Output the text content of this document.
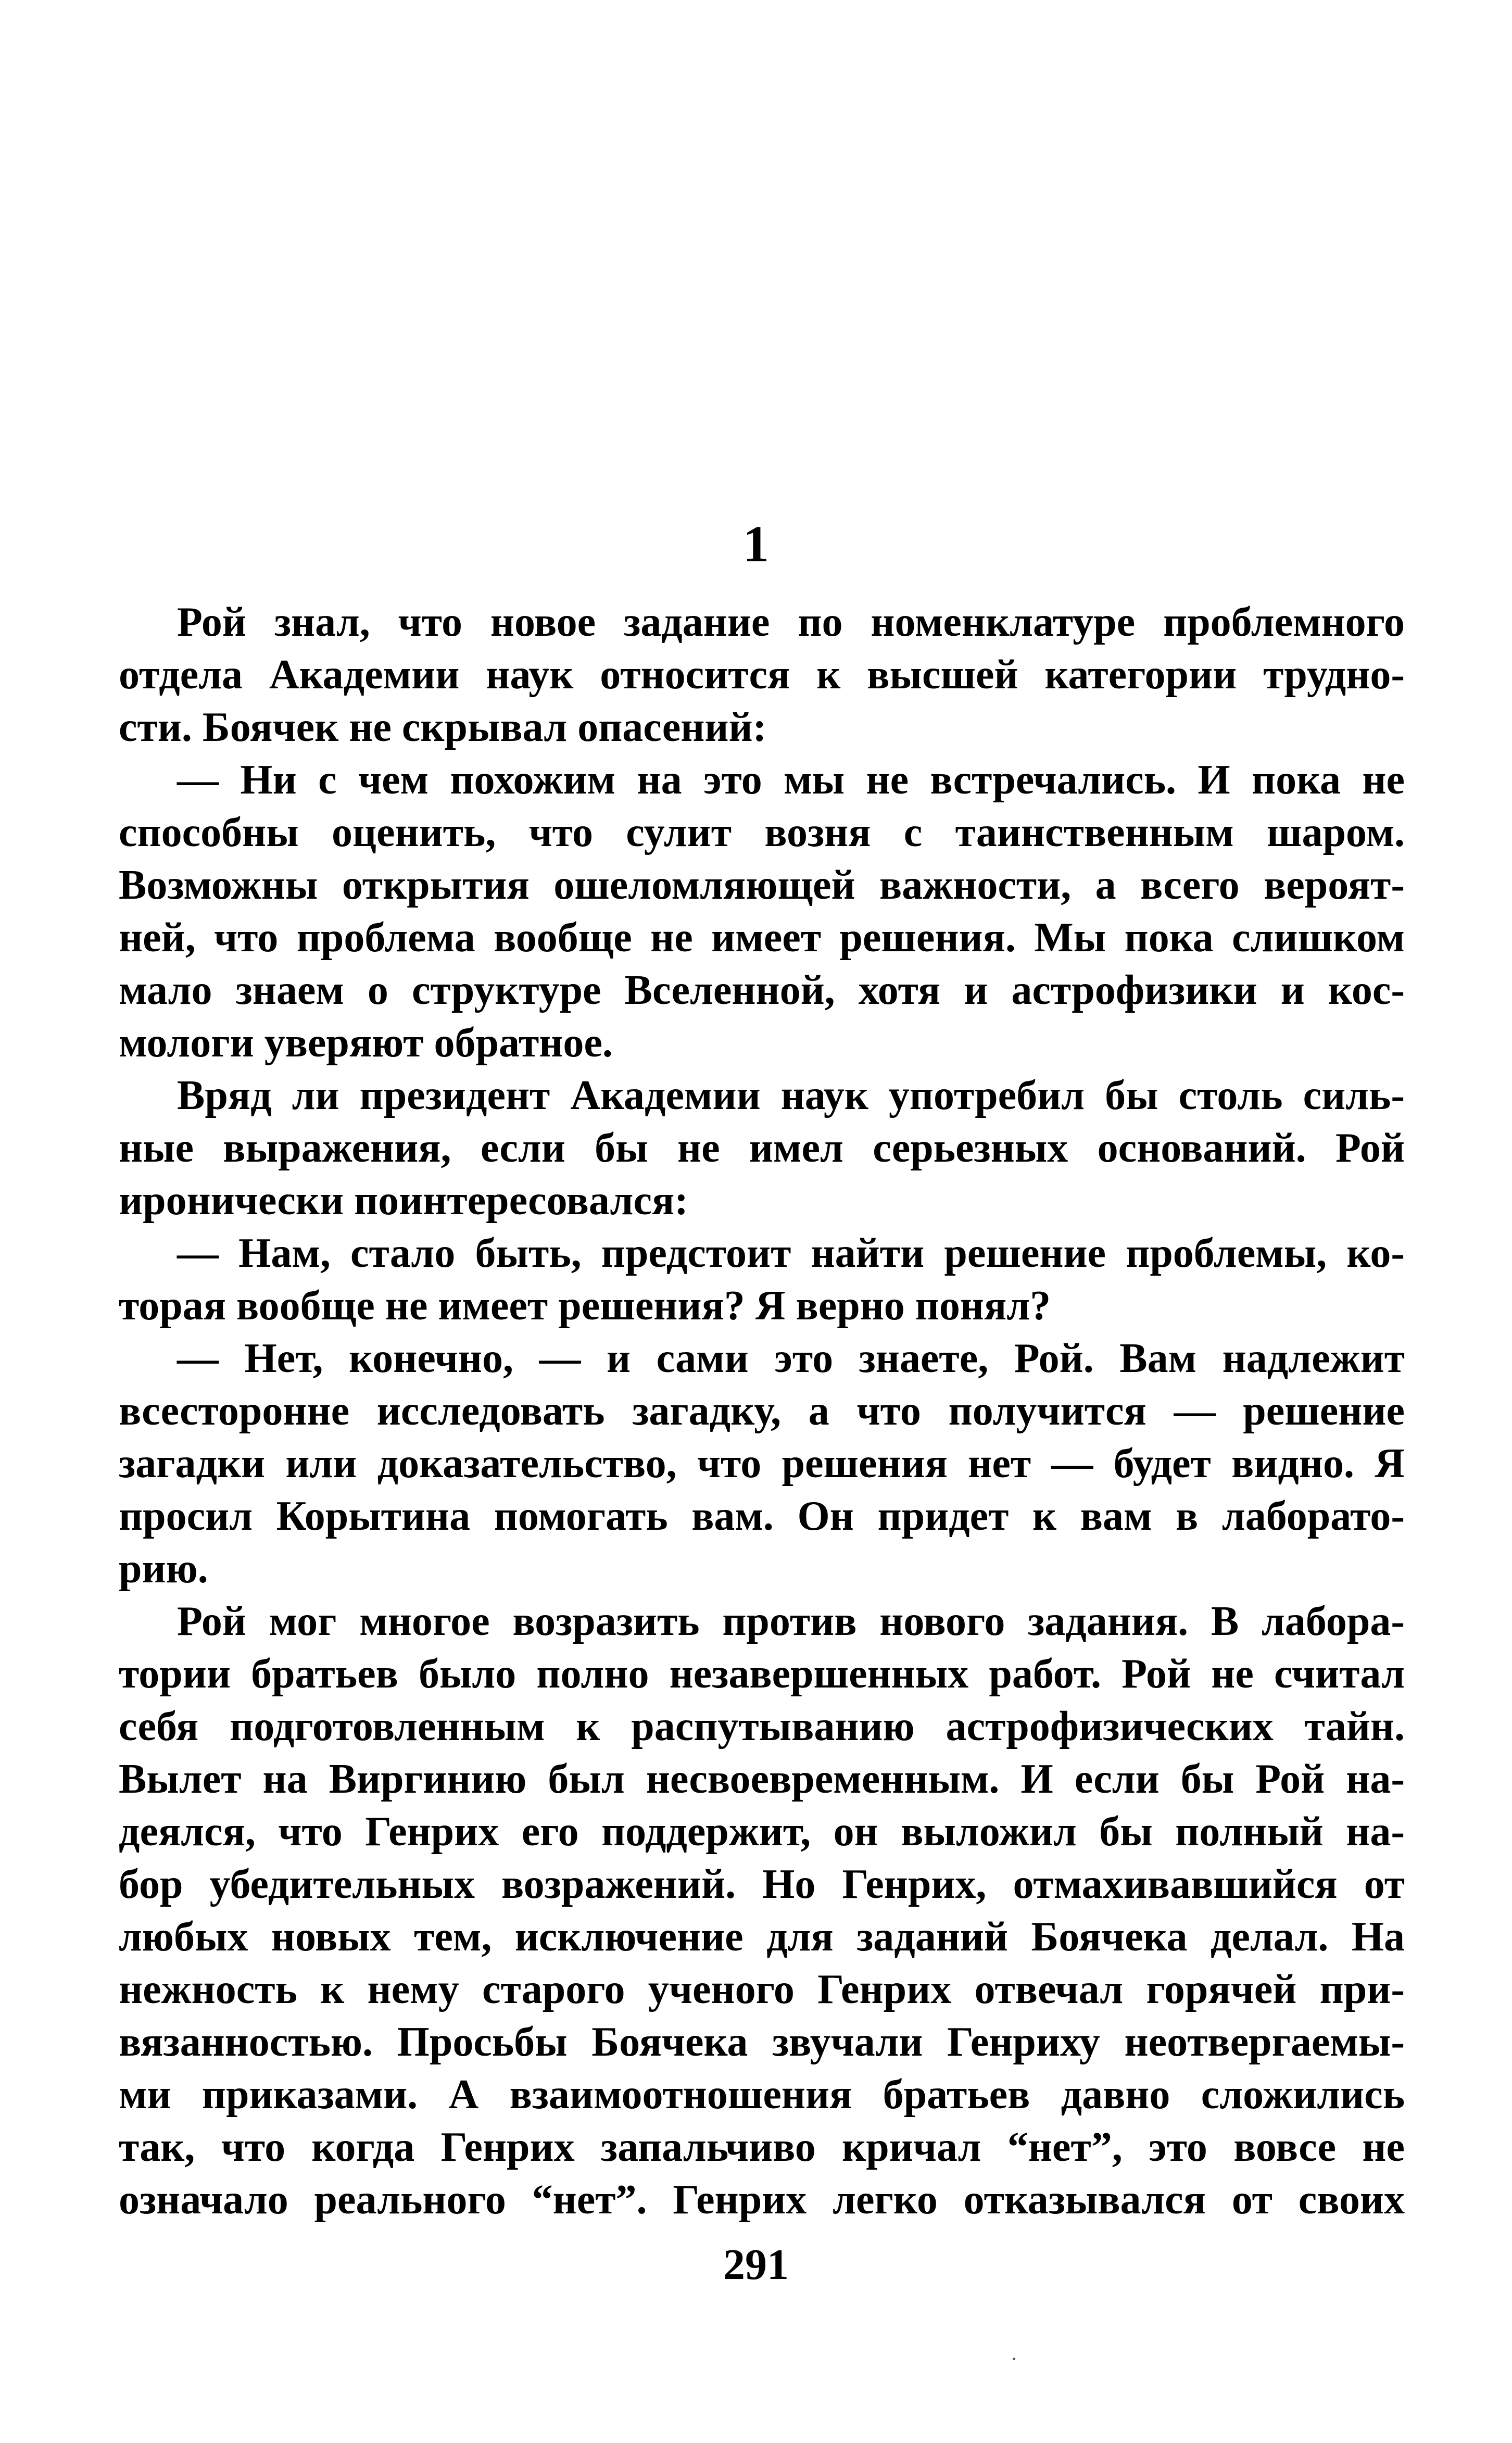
1
Рой знал, что новое задание по номенклатуре проблемного
отдела Академии наук относится к высшей категории трудно-
сти. Боячек не скрывал опасений:
— Ни с чем похожим на это мы не встречались. И пока не
способны оценить, что сулит возня с таинственным шаром.
Возможны открытия ошеломляющей важности, а всего вероят-
ней, что проблема вообще не имеет решения. Мы пока слишком
мало знаем о структуре Вселенной, хотя и астрофизики и кос-
мологи уверяют обратное.
Вряд ли президент Академии наук употребил бы столь силь-
ные выражения, если бы не имел серьезных оснований. Рой
иронически поинтересовался:
— Нам, стало быть, предстоит найти решение проблемы, ко-
торая вообще не имеет решения? Я верно понял?
— Нет, конечно, — и сами это знаете, Рой. Вам надлежит
всесторонне исследовать загадку, а что получится — решение
загадки или доказательство, что решения нет — будет видно. Я
просил Корытина помогать вам. Он придет к вам в лаборато-
рию.
Рой мог многое возразить против нового задания. В лабора-
тории братьев было полно незавершенных работ. Рой не считал
себя подготовленным к распутыванию астрофизических тайн.
Вылет на Виргинию был несвоевременным. И если бы Рой на-
деялся, что Генрих его поддержит, он выложил бы полный на-
бор убедительных возражений. Но Генрих, отмахивавшийся от
любых новых тем, исключение для заданий Боячека делал. На
нежность к нему старого ученого Генрих отвечал горячей при-
вязанностью. Просьбы Боячека звучали Генриху неотвергаемы-
ми приказами. А взаимоотношения братьев давно сложились
так, что когда Генрих запальчиво кричал “нет”, это вовсе не
означало реального “нет”. Генрих легко отказывался от своих
291
